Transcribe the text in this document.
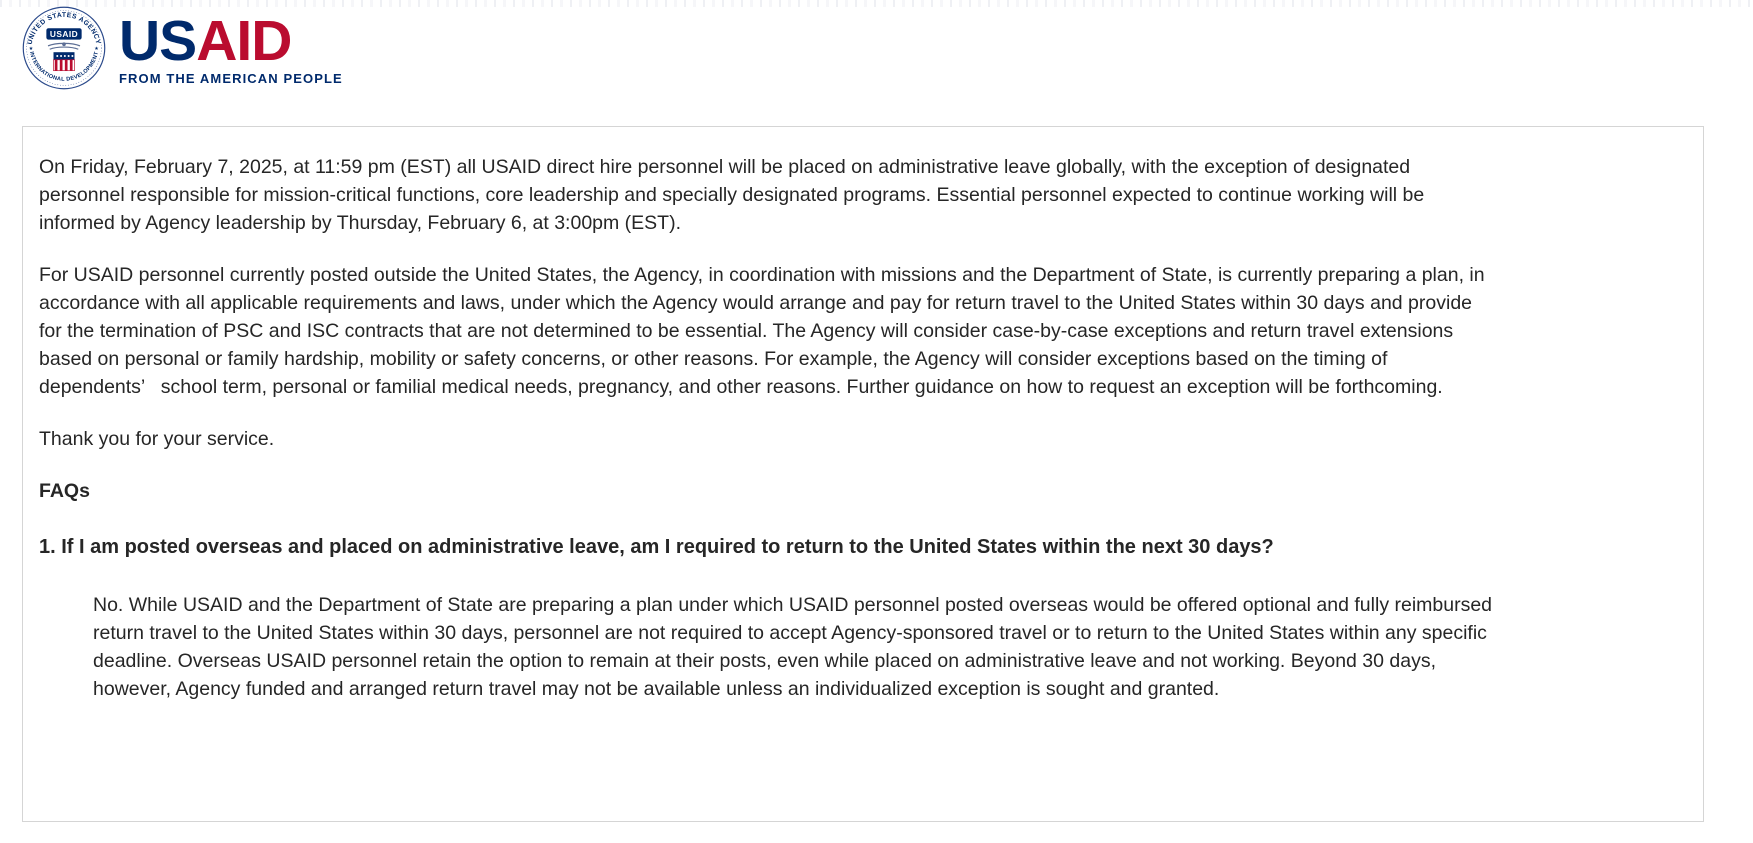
UNITED STATES AGENCY
INTERNATIONAL DEVELOPMENT
★	★
USAID USAID
FROM THE AMERICAN PEOPLE

On Friday, February 7, 2025, at 11:59 pm (EST) all USAID direct hire personnel will be placed on administrative leave globally, with the exception of designated personnel responsible for mission-critical functions, core leadership and specially designated programs. Essential personnel expected to continue working will be informed by Agency leadership by Thursday, February 6, at 3:00pm (EST).

For USAID personnel currently posted outside the United States, the Agency, in coordination with missions and the Department of State, is currently preparing a plan, in accordance with all applicable requirements and laws, under which the Agency would arrange and pay for return travel to the United States within 30 days and provide for the termination of PSC and ISC contracts that are not determined to be essential. The Agency will consider case-by-case exceptions and return travel extensions based on personal or family hardship, mobility or safety concerns, or other reasons. For example, the Agency will consider exceptions based on the timing of dependents’   school term, personal or familial medical needs, pregnancy, and other reasons. Further guidance on how to request an exception will be forthcoming.

Thank you for your service.

FAQs

1. If I am posted overseas and placed on administrative leave, am I required to return to the United States within the next 30 days?
No. While USAID and the Department of State are preparing a plan under which USAID personnel posted overseas would be offered optional and fully reimbursed return travel to the United States within 30 days, personnel are not required to accept Agency-sponsored travel or to return to the United States within any specific deadline. Overseas USAID personnel retain the option to remain at their posts, even while placed on administrative leave and not working. Beyond 30 days, however, Agency funded and arranged return travel may not be available unless an individualized exception is sought and granted.
